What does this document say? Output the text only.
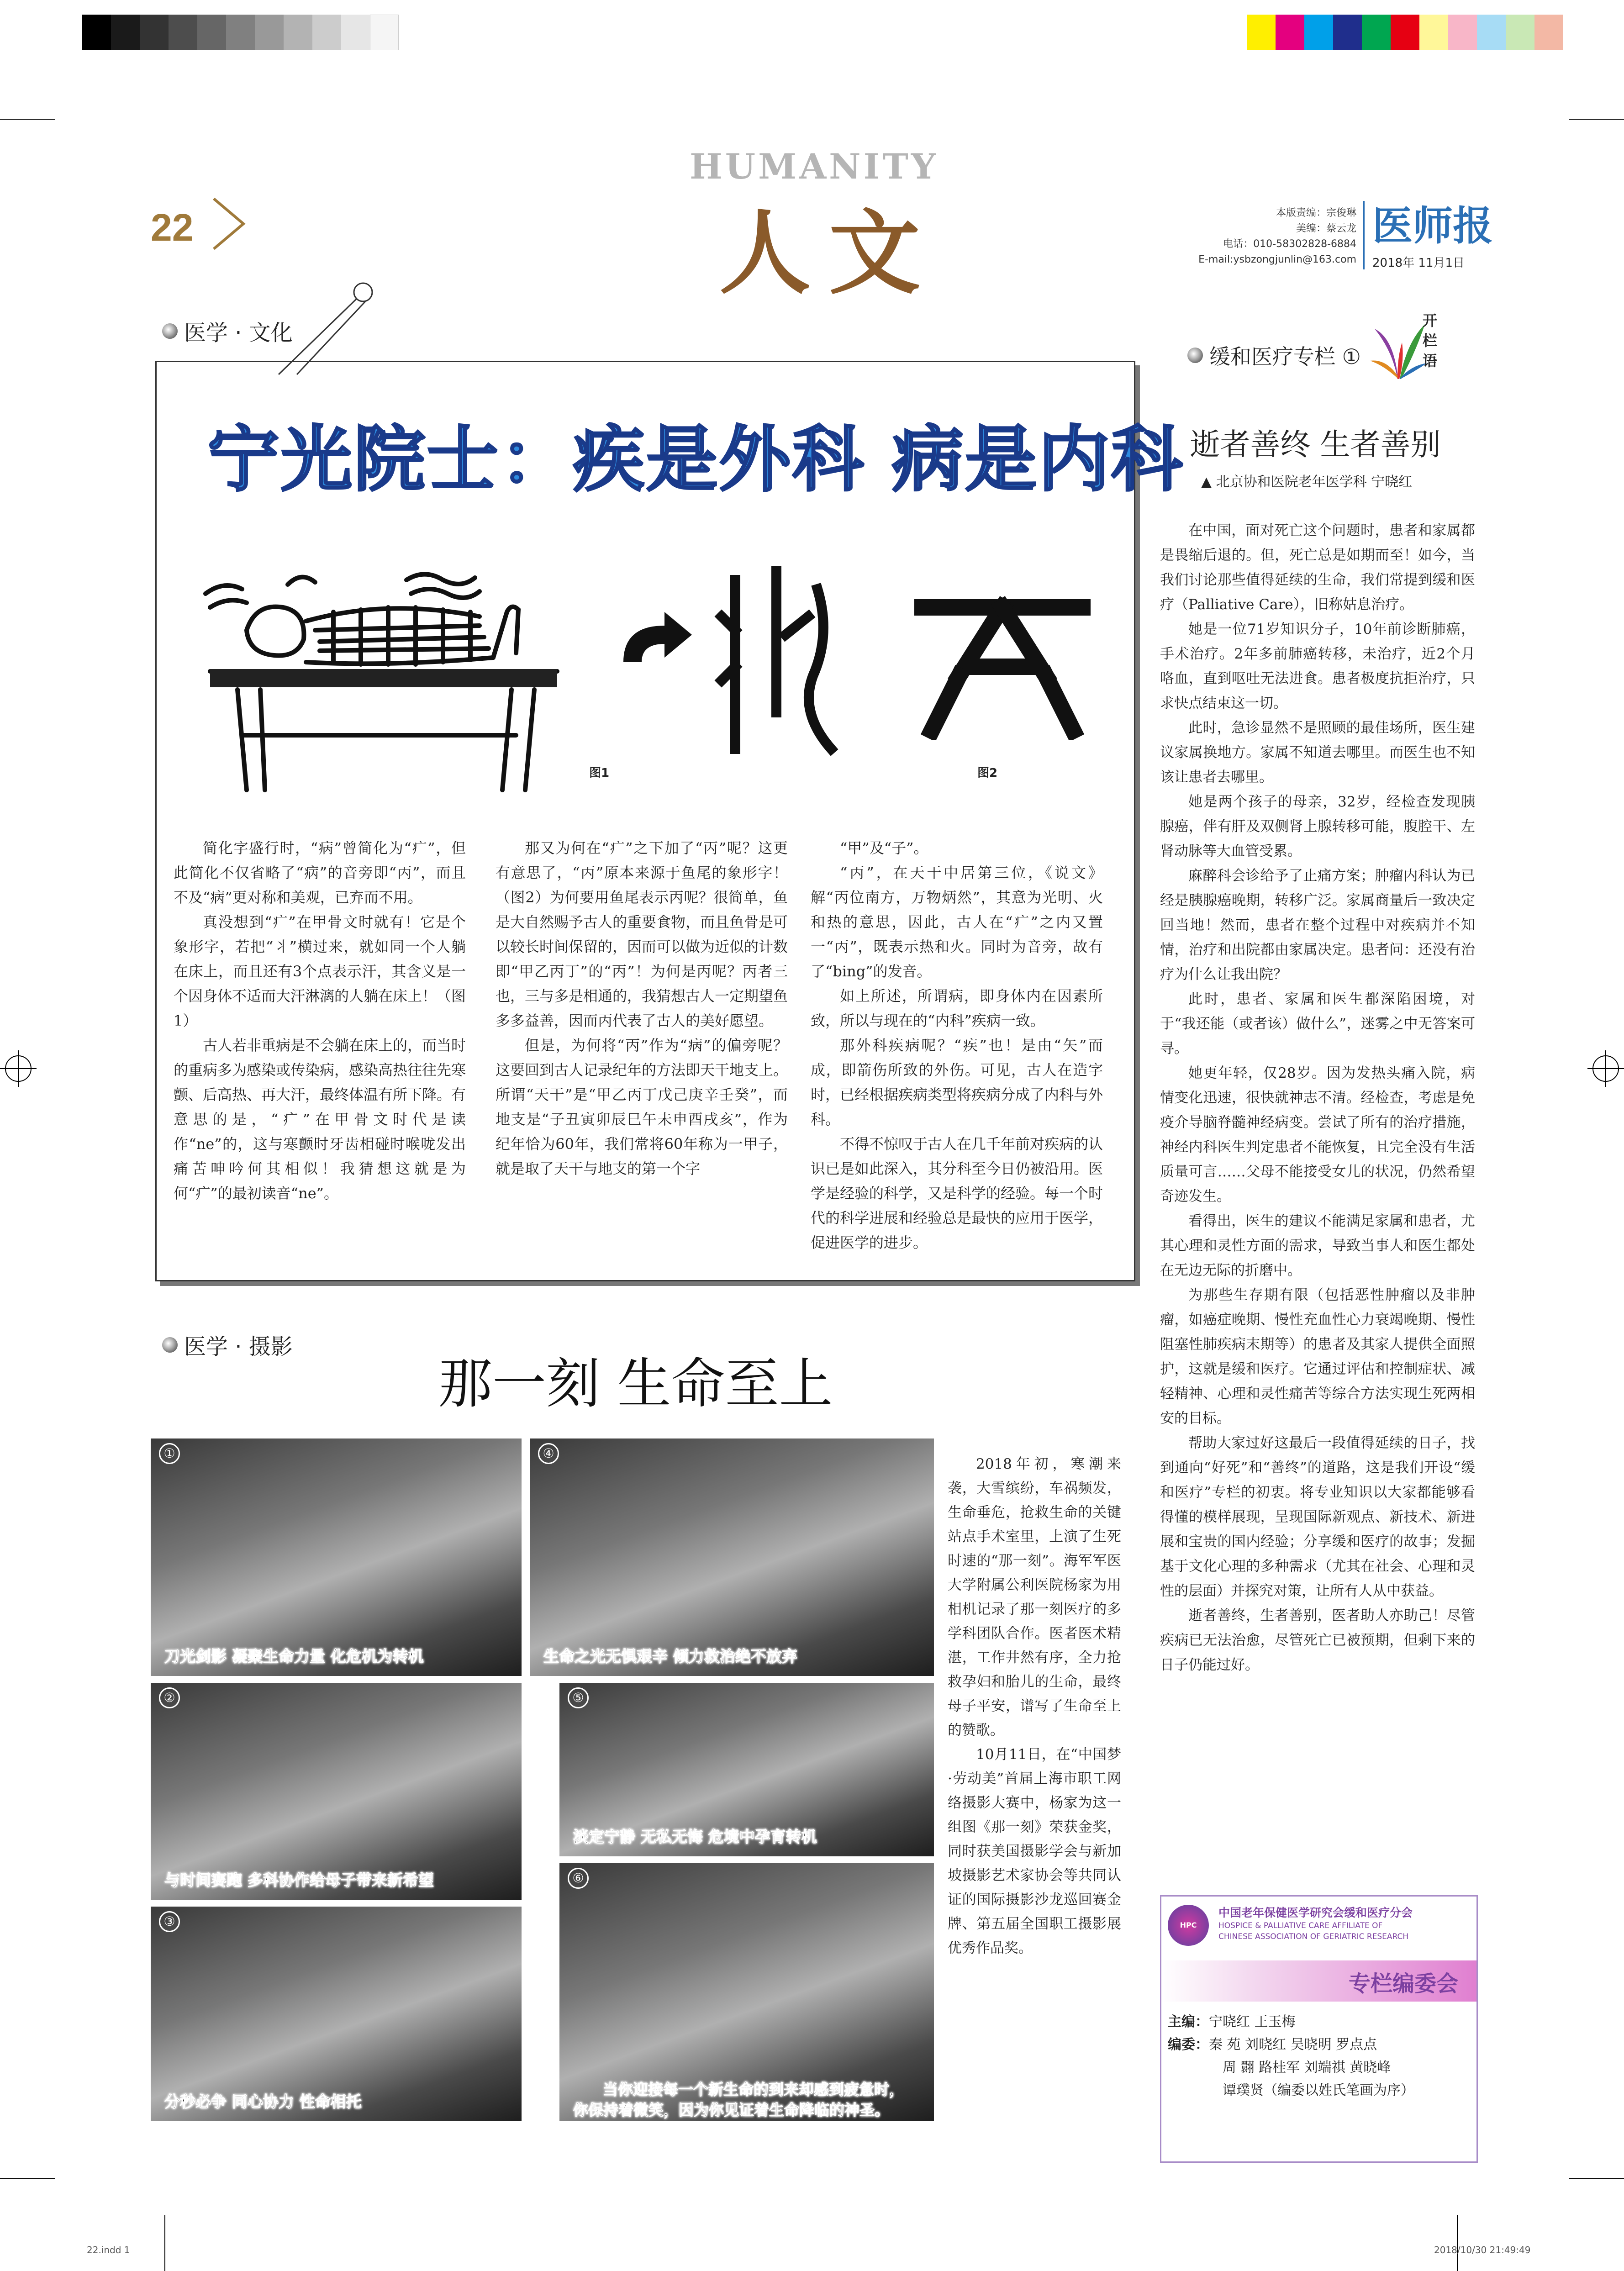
22
HUMANITY
人文	本版责编：宗俊琳
美编：蔡云龙
电话：010-58302828-6884
E-mail:ysbzongjunlin@163.com
医师报
2018年 11月1日
医学 · 文化
宁光院士：疾是外科 病是内科
图1	图2

简化字盛行时，“病”曾简化为“疒”，但此简化不仅省略了“病”的音旁即“丙”，而且不及“病”更对称和美观，已弃而不用。

真没想到“疒”在甲骨文时就有！它是个象形字，若把“丬”横过来，就如同一个人躺在床上，而且还有3个点表示汗，其含义是一个因身体不适而大汗淋漓的人躺在床上！（图1）

古人若非重病是不会躺在床上的，而当时的重病多为感染或传染病，感染高热往往先寒颤、后高热、再大汗，最终体温有所下降。有意思的是，“疒”在甲骨文时代是读作“ne”的，这与寒颤时牙齿相碰时喉咙发出痛苦呻吟何其相似！我猜想这就是为何“疒”的最初读音“ne”。

那又为何在“疒”之下加了“丙”呢？这更有意思了，“丙”原本来源于鱼尾的象形字！（图2）为何要用鱼尾表示丙呢？很简单，鱼是大自然赐予古人的重要食物，而且鱼骨是可以较长时间保留的，因而可以做为近似的计数即“甲乙丙丁”的“丙”！为何是丙呢？丙者三也，三与多是相通的，我猜想古人一定期望鱼多多益善，因而丙代表了古人的美好愿望。

但是，为何将“丙”作为“病”的偏旁呢？这要回到古人记录纪年的方法即天干地支上。所谓“天干”是“甲乙丙丁戊己庚辛壬癸”，而地支是“子丑寅卯辰巳午未申酉戌亥”，作为纪年恰为60年，我们常将60年称为一甲子，就是取了天干与地支的第一个字

“甲”及“子”。

“丙”，在天干中居第三位，《说文》解“丙位南方，万物炳然”，其意为光明、火和热的意思，因此，古人在“疒”之内又置一“丙”，既表示热和火。同时为音旁，故有了“bing”的发音。

如上所述，所谓病，即身体内在因素所致，所以与现在的“内科”疾病一致。

那外科疾病呢？“疾”也！是由“矢”而成，即箭伤所致的外伤。可见，古人在造字时，已经根据疾病类型将疾病分成了内科与外科。

不得不惊叹于古人在几千年前对疾病的认识已是如此深入，其分科至今日仍被沿用。医学是经验的科学，又是科学的经验。每一个时代的科学进展和经验总是最快的应用于医学，促进医学的进步。

缓和医疗专栏 ①
开栏语
逝者善终 生者善别
▲ 北京协和医院老年医学科 宁晓红

在中国，面对死亡这个问题时，患者和家属都是畏缩后退的。但，死亡总是如期而至！如今，当我们讨论那些值得延续的生命，我们常提到缓和医疗（Palliative Care），旧称姑息治疗。

她是一位71岁知识分子，10年前诊断肺癌，手术治疗。2年多前肺癌转移，未治疗，近2个月咯血，直到呕吐无法进食。患者极度抗拒治疗，只求快点结束这一切。

此时，急诊显然不是照顾的最佳场所，医生建议家属换地方。家属不知道去哪里。而医生也不知该让患者去哪里。

她是两个孩子的母亲，32岁，经检查发现胰腺癌，伴有肝及双侧肾上腺转移可能，腹腔干、左肾动脉等大血管受累。

麻醉科会诊给予了止痛方案；肿瘤内科认为已经是胰腺癌晚期，转移广泛。家属商量后一致决定回当地！然而，患者在整个过程中对疾病并不知情，治疗和出院都由家属决定。患者问：还没有治疗为什么让我出院？

此时，患者、家属和医生都深陷困境，对于“我还能（或者该）做什么”，迷雾之中无答案可寻。

她更年轻，仅28岁。因为发热头痛入院，病情变化迅速，很快就神志不清。经检查，考虑是免疫介导脑脊髓神经病变。尝试了所有的治疗措施，神经内科医生判定患者不能恢复，且完全没有生活质量可言……父母不能接受女儿的状况，仍然希望奇迹发生。

看得出，医生的建议不能满足家属和患者，尤其心理和灵性方面的需求，导致当事人和医生都处在无边无际的折磨中。

为那些生存期有限（包括恶性肿瘤以及非肿瘤，如癌症晚期、慢性充血性心力衰竭晚期、慢性阻塞性肺疾病末期等）的患者及其家人提供全面照护，这就是缓和医疗。它通过评估和控制症状、减轻精神、心理和灵性痛苦等综合方法实现生死两相安的目标。

帮助大家过好这最后一段值得延续的日子，找到通向“好死”和“善终”的道路，这是我们开设“缓和医疗”专栏的初衷。将专业知识以大家都能够看得懂的模样展现，呈现国际新观点、新技术、新进展和宝贵的国内经验；分享缓和医疗的故事；发掘基于文化心理的多种需求（尤其在社会、心理和灵性的层面）并探究对策，让所有人从中获益。

逝者善终，生者善别，医者助人亦助己！尽管疾病已无法治愈，尽管死亡已被预期，但剩下来的日子仍能过好。

HPC
中国老年保健医学研究会缓和医疗分会
HOSPICE & PALLIATIVE CARE AFFILIATE OF
CHINESE ASSOCIATION OF GERIATRIC RESEARCH
专栏编委会
主编：宁晓红 王玉梅
编委：秦 苑 刘晓红 吴晓明 罗点点
周 翾 路桂军 刘端祺 黄晓峰
谭璞贤（编委以姓氏笔画为序）
医学 · 摄影
那一刻 生命至上
①
刀光剑影 凝聚生命力量 化危机为转机
②
与时间赛跑 多科协作给母子带来新希望
③
分秒必争 同心协力 性命相托
④
生命之光无惧艰辛 倾力救治绝不放弃
⑤
淡定宁静 无私无悔 危境中孕育转机
⑥
当你迎接每一个新生命的到来却感到疲惫时，
你保持着微笑，因为你见证着生命降临的神圣。

2018年初，寒潮来袭，大雪缤纷，车祸频发，生命垂危，抢救生命的关键站点手术室里，上演了生死时速的“那一刻”。海军军医大学附属公利医院杨家为用相机记录了那一刻医疗的多学科团队合作。医者医术精湛，工作井然有序，全力抢救孕妇和胎儿的生命，最终母子平安，谱写了生命至上的赞歌。

10月11日，在“中国梦·劳动美”首届上海市职工网络摄影大赛中，杨家为这一组图《那一刻》荣获金奖，同时获美国摄影学会与新加坡摄影艺术家协会等共同认证的国际摄影沙龙巡回赛金牌、第五届全国职工摄影展优秀作品奖。

22.indd 1	2018/10/30 21:49:49
